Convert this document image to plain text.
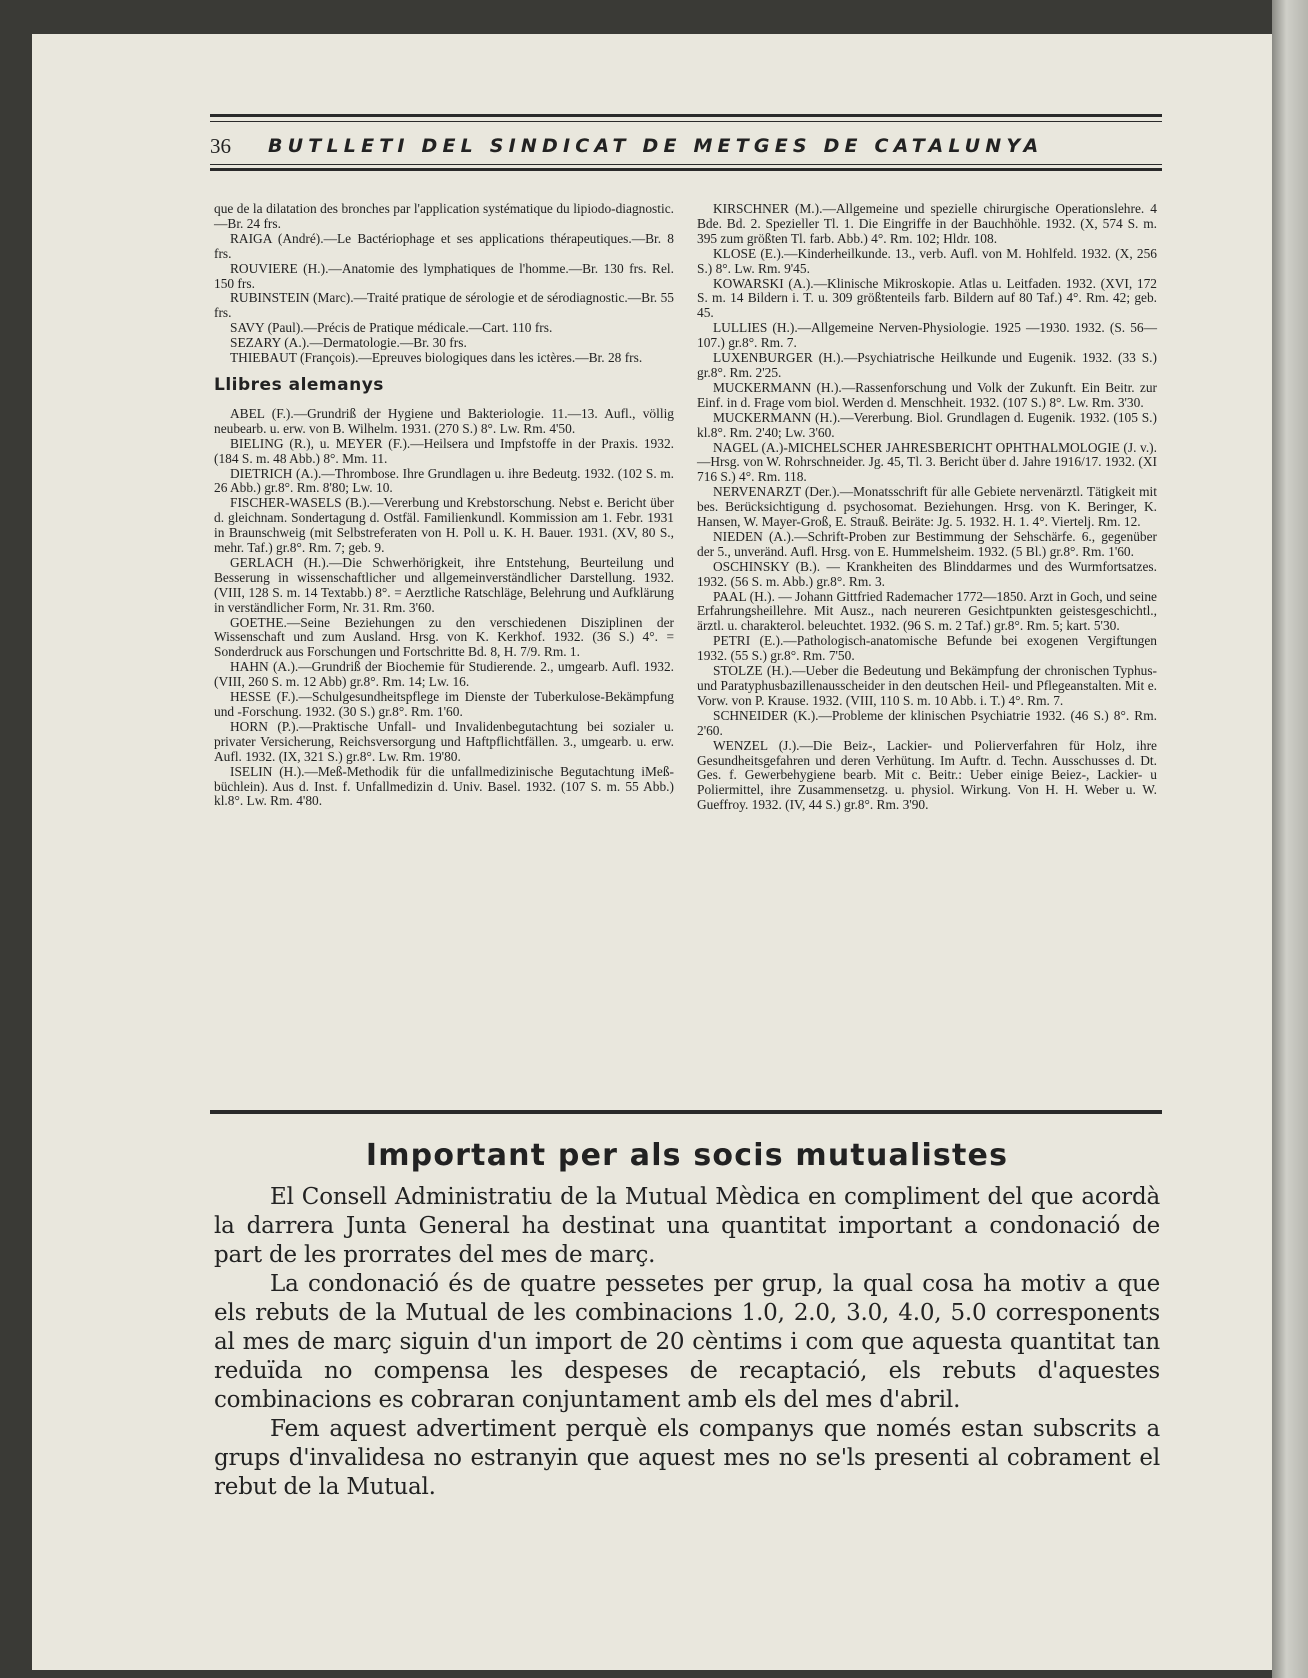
36	BUTLLETI DEL SINDICAT DE METGES DE CATALUNYA

que de la dilatation des bronches par l'application systématique du lipiodo-diagnostic.—Br. 24 frs.

RAIGA (André).—Le Bactériophage et ses applications thérapeutiques.—Br. 8 frs.

ROUVIERE (H.).—Anatomie des lymphatiques de l'homme.—Br. 130 frs. Rel. 150 frs.

RUBINSTEIN (Marc).—Traité pratique de sérologie et de sérodiagnostic.—Br. 55 frs.

SAVY (Paul).—Précis de Pratique médicale.—Cart. 110 frs.

SEZARY (A.).—Dermatologie.—Br. 30 frs.

THIEBAUT (François).—Epreuves biologiques dans les ictères.—Br. 28 frs.

Llibres alemanys

ABEL (F.).—Grundriß der Hygiene und Bakteriologie. 11.—13. Aufl., völlig neubearb. u. erw. von B. Wilhelm. 1931. (270 S.) 8°. Lw. Rm. 4'50.

BIELING (R.), u. MEYER (F.).—Heilsera und Impfstoffe in der Praxis. 1932. (184 S. m. 48 Abb.) 8°. Mm. 11.

DIETRICH (A.).—Thrombose. Ihre Grundlagen u. ihre Bedeutg. 1932. (102 S. m. 26 Abb.) gr.8°. Rm. 8'80; Lw. 10.

FISCHER-WASELS (B.).—Vererbung und Krebstorschung. Nebst e. Bericht über d. gleichnam. Sondertagung d. Ostfäl. Familienkundl. Kommission am 1. Febr. 1931 in Braunschweig (mit Selbstreferaten von H. Poll u. K. H. Bauer. 1931. (XV, 80 S., mehr. Taf.) gr.8°. Rm. 7; geb. 9.

GERLACH (H.).—Die Schwerhörigkeit, ihre Entstehung, Beurteilung und Besserung in wissenschaftlicher und allgemeinverständlicher Darstellung. 1932. (VIII, 128 S. m. 14 Textabb.) 8°. = Aerztliche Ratschläge, Belehrung und Aufklärung in verständlicher Form, Nr. 31. Rm. 3'60.

GOETHE.—Seine Beziehungen zu den verschiedenen Disziplinen der Wissenschaft und zum Ausland. Hrsg. von K. Kerkhof. 1932. (36 S.) 4°. = Sonderdruck aus Forschungen und Fortschritte Bd. 8, H. 7/9. Rm. 1.

HAHN (A.).—Grundriß der Biochemie für Studierende. 2., umgearb. Aufl. 1932. (VIII, 260 S. m. 12 Abb) gr.8°. Rm. 14; Lw. 16.

HESSE (F.).—Schulgesundheitspflege im Dienste der Tuberkulose-Bekämpfung und -Forschung. 1932. (30 S.) gr.8°. Rm. 1'60.

HORN (P.).—Praktische Unfall- und Invalidenbegutachtung bei sozialer u. privater Versicherung, Reichsversorgung und Haftpflichtfällen. 3., umgearb. u. erw. Aufl. 1932. (IX, 321 S.) gr.8°. Lw. Rm. 19'80.

ISELIN (H.).—Meß-Methodik für die unfallmedizinische Begutachtung iMeß-büchlein). Aus d. Inst. f. Unfallmedizin d. Univ. Basel. 1932. (107 S. m. 55 Abb.) kl.8°. Lw. Rm. 4'80.

KIRSCHNER (M.).—Allgemeine und spezielle chirurgische Operationslehre. 4 Bde. Bd. 2. Spezieller Tl. 1. Die Eingriffe in der Bauchhöhle. 1932. (X, 574 S. m. 395 zum größten Tl. farb. Abb.) 4°. Rm. 102; Hldr. 108.

KLOSE (E.).—Kinderheilkunde. 13., verb. Aufl. von M. Hohlfeld. 1932. (X, 256 S.) 8°. Lw. Rm. 9'45.

KOWARSKI (A.).—Klinische Mikroskopie. Atlas u. Leitfaden. 1932. (XVI, 172 S. m. 14 Bildern i. T. u. 309 größtenteils farb. Bildern auf 80 Taf.) 4°. Rm. 42; geb. 45.

LULLIES (H.).—Allgemeine Nerven-Physiologie. 1925 —1930. 1932. (S. 56—107.) gr.8°. Rm. 7.

LUXENBURGER (H.).—Psychiatrische Heilkunde und Eugenik. 1932. (33 S.) gr.8°. Rm. 2'25.

MUCKERMANN (H.).—Rassenforschung und Volk der Zukunft. Ein Beitr. zur Einf. in d. Frage vom biol. Werden d. Menschheit. 1932. (107 S.) 8°. Lw. Rm. 3'30.

MUCKERMANN (H.).—Vererbung. Biol. Grundlagen d. Eugenik. 1932. (105 S.) kl.8°. Rm. 2'40; Lw. 3'60.

NAGEL (A.)-MICHELSCHER JAHRESBERICHT OPHTHALMOLOGIE (J. v.).—Hrsg. von W. Rohrschneider. Jg. 45, Tl. 3. Bericht über d. Jahre 1916/17. 1932. (XI 716 S.) 4°. Rm. 118.

NERVENARZT (Der.).—Monatsschrift für alle Gebiete nervenärztl. Tätigkeit mit bes. Berücksichtigung d. psychosomat. Beziehungen. Hrsg. von K. Beringer, K. Hansen, W. Mayer-Groß, E. Strauß. Beiräte: Jg. 5. 1932. H. 1. 4°. Viertelj. Rm. 12.

NIEDEN (A.).—Schrift-Proben zur Bestimmung der Sehschärfe. 6., gegenüber der 5., unveränd. Aufl. Hrsg. von E. Hummelsheim. 1932. (5 Bl.) gr.8°. Rm. 1'60.

OSCHINSKY (B.). — Krankheiten des Blinddarmes und des Wurmfortsatzes. 1932. (56 S. m. Abb.) gr.8°. Rm. 3.

PAAL (H.). — Johann Gittfried Rademacher 1772—1850. Arzt in Goch, und seine Erfahrungsheillehre. Mit Ausz., nach neureren Gesichtpunkten geistesgeschichtl., ärztl. u. charakterol. beleuchtet. 1932. (96 S. m. 2 Taf.) gr.8°. Rm. 5; kart. 5'30.

PETRI (E.).—Pathologisch-anatomische Befunde bei exogenen Vergiftungen 1932. (55 S.) gr.8°. Rm. 7'50.

STOLZE (H.).—Ueber die Bedeutung und Bekämpfung der chronischen Typhus- und Paratyphusbazillenausscheider in den deutschen Heil- und Pflegeanstalten. Mit e. Vorw. von P. Krause. 1932. (VIII, 110 S. m. 10 Abb. i. T.) 4°. Rm. 7.

SCHNEIDER (K.).—Probleme der klinischen Psychiatrie 1932. (46 S.) 8°. Rm. 2'60.

WENZEL (J.).—Die Beiz-, Lackier- und Polierverfahren für Holz, ihre Gesundheitsgefahren und deren Verhütung. Im Auftr. d. Techn. Ausschusses d. Dt. Ges. f. Gewerbehygiene bearb. Mit c. Beitr.: Ueber einige Beiez-, Lackier- u Poliermittel, ihre Zusammensetzg. u. physiol. Wirkung. Von H. H. Weber u. W. Gueffroy. 1932. (IV, 44 S.) gr.8°. Rm. 3'90.

Important per als socis mutualistes

El Consell Administratiu de la Mutual Mèdica en compliment del que acordà la darrera Junta General ha destinat una quantitat important a condonació de part de les prorrates del mes de març.

La condonació és de quatre pessetes per grup, la qual cosa ha motiv a que els rebuts de la Mutual de les combinacions 1.0, 2.0, 3.0, 4.0, 5.0 corresponents al mes de març siguin d'un import de 20 cèntims i com que aquesta quantitat tan reduïda no compensa les despeses de recaptació, els rebuts d'aquestes combinacions es cobraran conjuntament amb els del mes d'abril.

Fem aquest advertiment perquè els companys que només estan subscrits a grups d'invalidesa no estranyin que aquest mes no se'ls presenti al cobrament el rebut de la Mutual.
